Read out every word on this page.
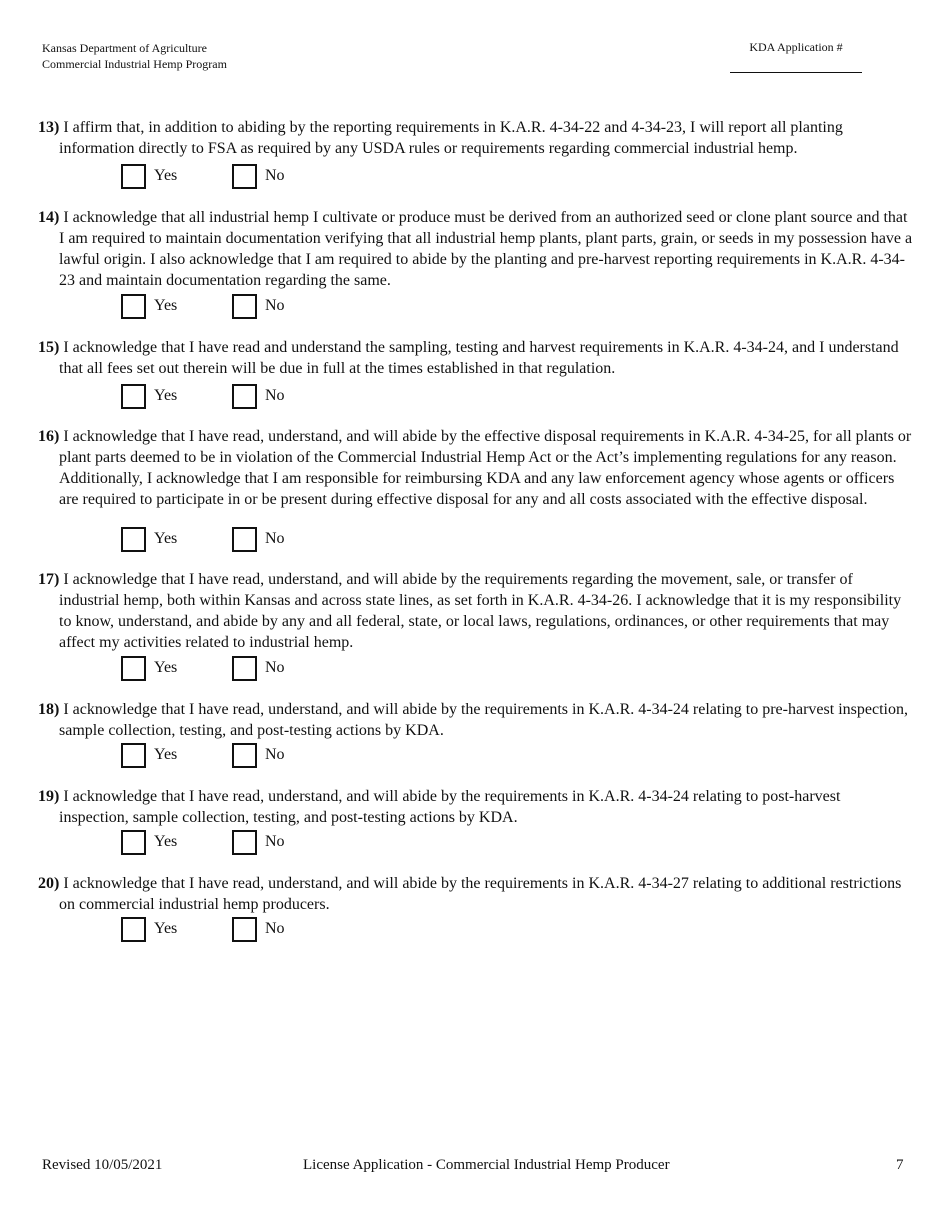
Kansas Department of Agriculture
Commercial Industrial Hemp Program
KDA Application #
13) I affirm that, in addition to abiding by the reporting requirements in K.A.R. 4-34-22 and 4-34-23, I will report all planting information directly to FSA as required by any USDA rules or requirements regarding commercial industrial hemp.
Yes	No
14) I acknowledge that all industrial hemp I cultivate or produce must be derived from an authorized seed or clone plant source and that I am required to maintain documentation verifying that all industrial hemp plants, plant parts, grain, or seeds in my possession have a lawful origin. I also acknowledge that I am required to abide by the planting and pre-harvest reporting requirements in K.A.R. 4-34-23 and maintain documentation regarding the same.
Yes	No
15) I acknowledge that I have read and understand the sampling, testing and harvest requirements in K.A.R. 4-34-24, and I understand that all fees set out therein will be due in full at the times established in that regulation.
Yes	No
16) I acknowledge that I have read, understand, and will abide by the effective disposal requirements in K.A.R. 4-34-25, for all plants or plant parts deemed to be in violation of the Commercial Industrial Hemp Act or the Act’s implementing regulations for any reason. Additionally, I acknowledge that I am responsible for reimbursing KDA and any law enforcement agency whose agents or officers are required to participate in or be present during effective disposal for any and all costs associated with the effective disposal.
Yes	No
17) I acknowledge that I have read, understand, and will abide by the requirements regarding the movement, sale, or transfer of industrial hemp, both within Kansas and across state lines, as set forth in K.A.R. 4-34-26. I acknowledge that it is my responsibility to know, understand, and abide by any and all federal, state, or local laws, regulations, ordinances, or other requirements that may affect my activities related to industrial hemp.
Yes	No
18) I acknowledge that I have read, understand, and will abide by the requirements in K.A.R. 4-34-24 relating to pre-harvest inspection, sample collection, testing, and post-testing actions by KDA.
Yes	No
19) I acknowledge that I have read, understand, and will abide by the requirements in K.A.R. 4-34-24 relating to post-harvest inspection, sample collection, testing, and post-testing actions by KDA.
Yes	No
20) I acknowledge that I have read, understand, and will abide by the requirements in K.A.R. 4-34-27 relating to additional restrictions on commercial industrial hemp producers.
Yes	No
Revised 10/05/2021	License Application - Commercial Industrial Hemp Producer	7
